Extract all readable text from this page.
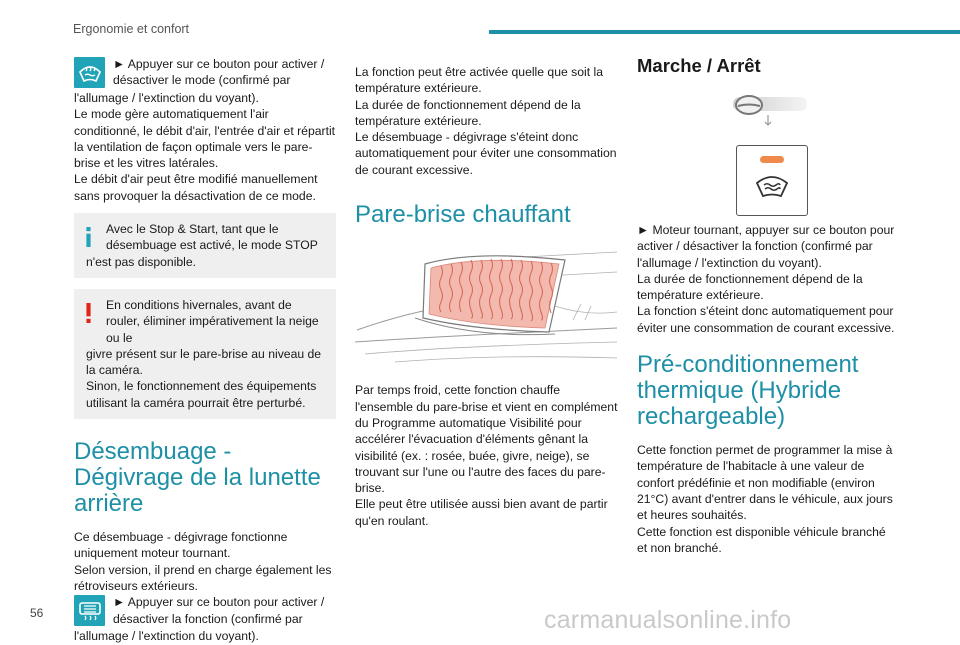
Ergonomie et confort

► Appuyer sur ce bouton pour activer / désactiver le mode (confirmé par

l'allumage / l'extinction du voyant).

Le mode gère automatiquement l'air conditionné, le débit d'air, l'entrée d'air et répartit la ventilation de façon optimale vers le pare-brise et les vitres latérales.

Le débit d'air peut être modifié manuellement sans provoquer la désactivation de ce mode.

Avec le Stop & Start, tant que le désembuage est activé, le mode STOP

n'est pas disponible.

En conditions hivernales, avant de rouler, éliminer impérativement la neige ou le

givre présent sur le pare-brise au niveau de la caméra.

Sinon, le fonctionnement des équipements utilisant la caméra pourrait être perturbé.

Désembuage - Dégivrage de la lunette arrière

Ce désembuage - dégivrage fonctionne uniquement moteur tournant.

Selon version, il prend en charge également les rétroviseurs extérieurs.

► Appuyer sur ce bouton pour activer / désactiver la fonction (confirmé par

l'allumage / l'extinction du voyant).

La fonction peut être activée quelle que soit la température extérieure.

La durée de fonctionnement dépend de la température extérieure.

Le désembuage - dégivrage s'éteint donc automatiquement pour éviter une consommation de courant excessive.

Pare-brise chauffant

Par temps froid, cette fonction chauffe l'ensemble du pare-brise et vient en complément du Programme automatique Visibilité pour accélérer l'évacuation d'éléments gênant la visibilité (ex. : rosée, buée, givre, neige), se trouvant sur l'une ou l'autre des faces du pare-brise.

Elle peut être utilisée aussi bien avant de partir qu'en roulant.

Marche / Arrêt

► Moteur tournant, appuyer sur ce bouton pour activer / désactiver la fonction (confirmé par l'allumage / l'extinction du voyant).

La durée de fonctionnement dépend de la température extérieure.

La fonction s'éteint donc automatiquement pour éviter une consommation de courant excessive.

Pré-conditionnement thermique (Hybride rechargeable)

Cette fonction permet de programmer la mise à température de l'habitacle à une valeur de confort prédéfinie et non modifiable (environ 21°C) avant d'entrer dans le véhicule, aux jours et heures souhaités.

Cette fonction est disponible véhicule branché et non branché.

56	carmanualsonline.info
